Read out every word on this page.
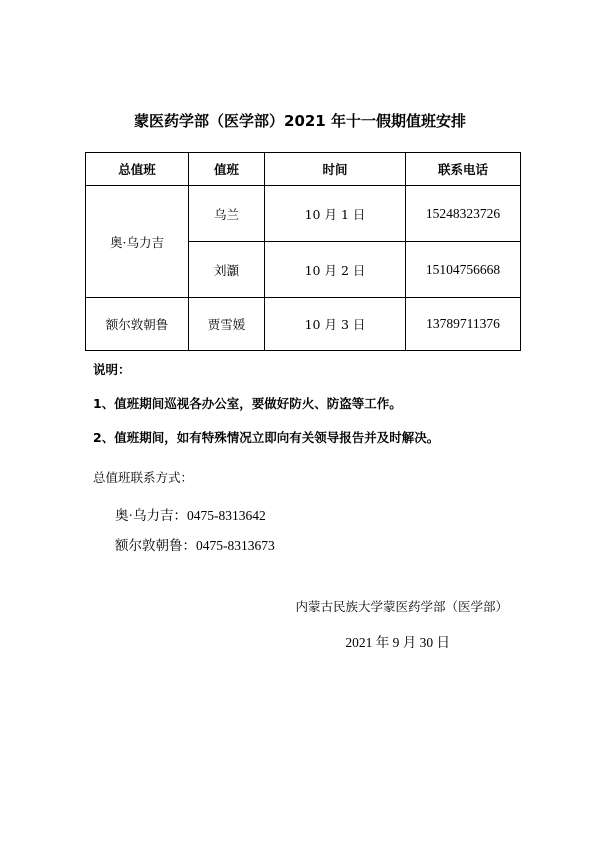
蒙医药学部（医学部）2021 年十一假期值班安排
总值班	值班	时间	联系电话
奥·乌力吉	乌兰	10 月 1 日	15248323726
	刘灝	10 月 2 日	15104756668
额尔敦朝鲁	贾雪媛	10 月 3 日	13789711376
说明：
1、值班期间巡视各办公室，要做好防火、防盗等工作。
2、值班期间，如有特殊情况立即向有关领导报告并及时解决。
总值班联系方式：
奥·乌力吉：0475-8313642
额尔敦朝鲁：0475-8313673
内蒙古民族大学蒙医药学部（医学部）
2021 年 9 月 30 日
